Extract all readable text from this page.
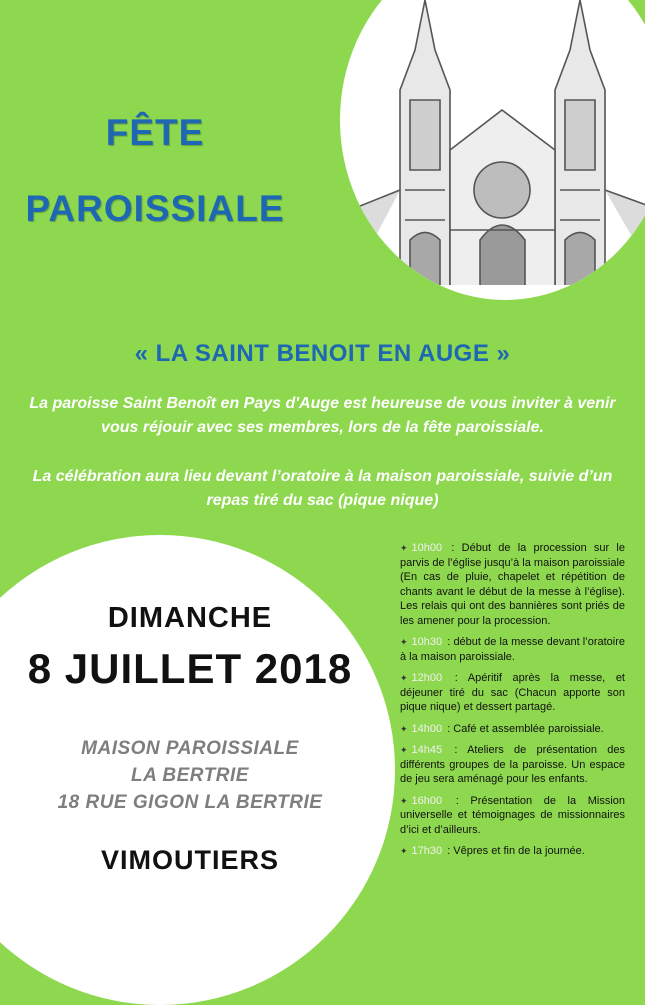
FÊTE
PAROISSIALE
« LA SAINT BENOIT EN AUGE »

La paroisse Saint Benoît en Pays d'Auge est heureuse de vous inviter à venir vous réjouir avec ses membres, lors de la fête paroissiale.

La célébration aura lieu devant l’oratoire à la maison paroissiale, suivie d’un repas tiré du sac (pique nique)

DIMANCHE

8 JUILLET 2018

MAISON PAROISSIALE

LA BERTRIE

18 RUE GIGON LA BERTRIE

VIMOUTIERS

✦ 10h00 : Début de la procession sur le parvis de l’église jusqu’à la maison paroissiale (En cas de pluie, chapelet et répétition de chants avant le début de la messe à l’église). Les relais qui ont des bannières sont priés de les amener pour la procession.
✦ 10h30 : début de la messe devant l’oratoire à la maison paroissiale.
✦ 12h00 : Apéritif après la messe, et déjeuner tiré du sac (Chacun apporte son pique nique) et dessert partagé.
✦ 14h00 : Café et assemblée paroissiale.
✦ 14h45 : Ateliers de présentation des différents groupes de la paroisse. Un espace de jeu sera aménagé pour les enfants.
✦ 16h00 : Présentation de la Mission universelle et témoignages de missionnaires d’ici et d’ailleurs.
✦ 17h30 : Vêpres et fin de la journée.
